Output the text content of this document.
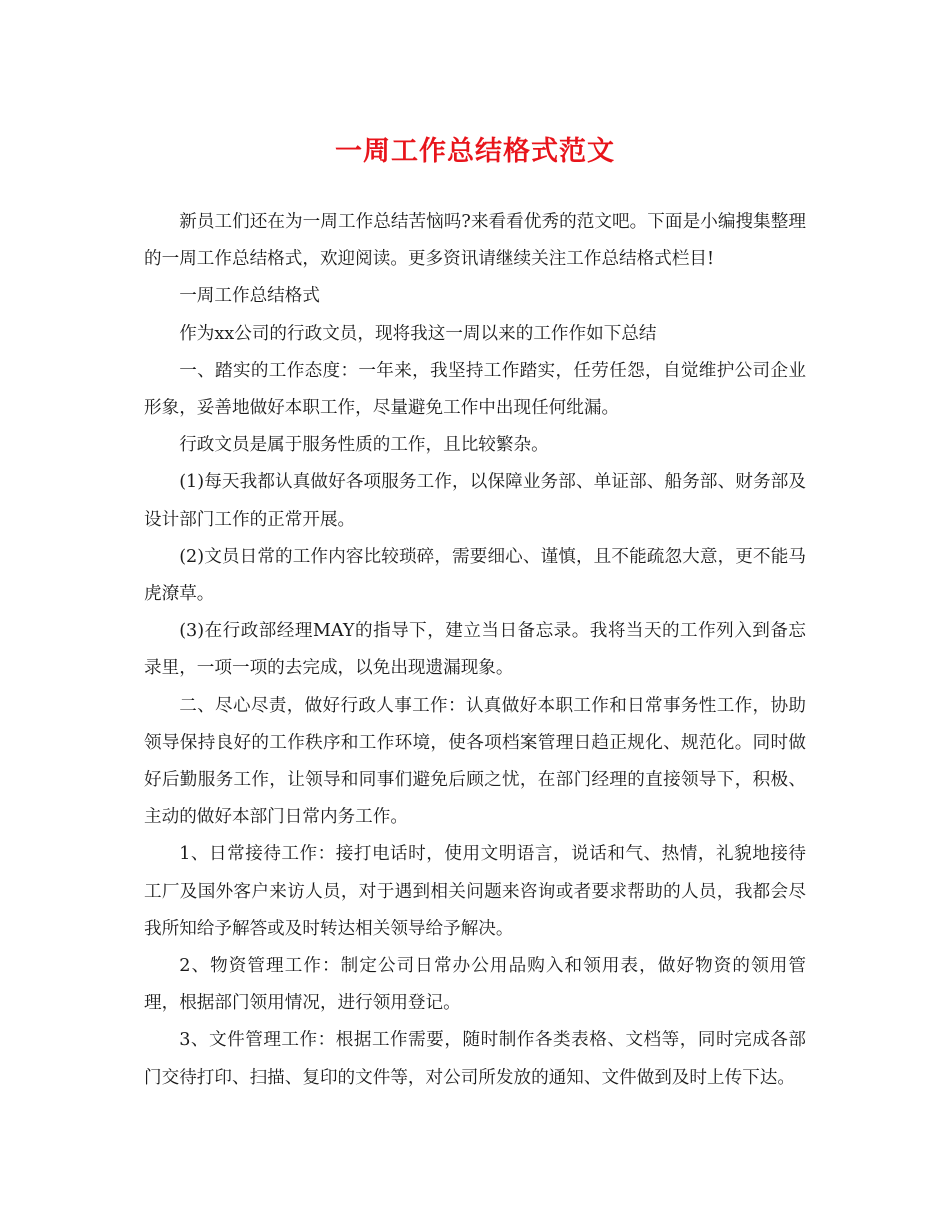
一周工作总结格式范文

新员工们还在为一周工作总结苦恼吗?来看看优秀的范文吧。下面是小编搜集整理的一周工作总结格式，欢迎阅读。更多资讯请继续关注工作总结格式栏目!

一周工作总结格式

作为xx公司的行政文员，现将我这一周以来的工作作如下总结

一、踏实的工作态度：一年来，我坚持工作踏实，任劳任怨，自觉维护公司企业形象，妥善地做好本职工作，尽量避免工作中出现任何纰漏。

行政文员是属于服务性质的工作，且比较繁杂。

(1)每天我都认真做好各项服务工作，以保障业务部、单证部、船务部、财务部及设计部门工作的正常开展。

(2)文员日常的工作内容比较琐碎，需要细心、谨慎，且不能疏忽大意，更不能马虎潦草。

(3)在行政部经理MAY的指导下，建立当日备忘录。我将当天的工作列入到备忘录里，一项一项的去完成，以免出现遗漏现象。

二、尽心尽责，做好行政人事工作：认真做好本职工作和日常事务性工作，协助领导保持良好的工作秩序和工作环境，使各项档案管理日趋正规化、规范化。同时做好后勤服务工作，让领导和同事们避免后顾之忧，在部门经理的直接领导下，积极、主动的做好本部门日常内务工作。

1、日常接待工作：接打电话时，使用文明语言，说话和气、热情，礼貌地接待工厂及国外客户来访人员，对于遇到相关问题来咨询或者要求帮助的人员，我都会尽我所知给予解答或及时转达相关领导给予解决。

2、物资管理工作：制定公司日常办公用品购入和领用表，做好物资的领用管理，根据部门领用情况，进行领用登记。

3、文件管理工作：根据工作需要，随时制作各类表格、文档等，同时完成各部门交待打印、扫描、复印的文件等，对公司所发放的通知、文件做到及时上传下达。
